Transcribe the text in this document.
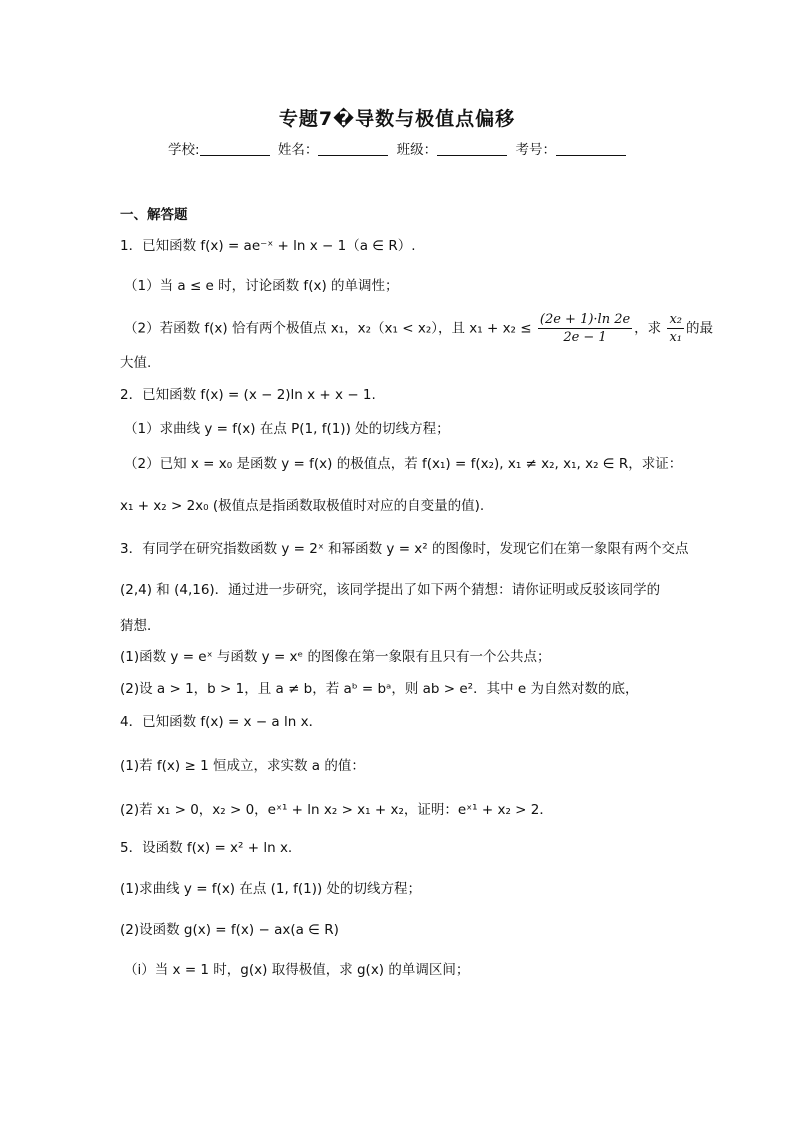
专题7�导数与极值点偏移
学校:	姓名：	班级：	考号：
一、解答题
1．已知函数 f(x) = ae⁻ˣ + ln x − 1（a ∈ R）.
（1）当 a ≤ e 时，讨论函数 f(x) 的单调性；
（2）若函数 f(x) 恰有两个极值点 x₁，x₂（x₁ < x₂），且 $x_1 + x_2 \le \frac{(2e + 1)\cdot\ln 2e}{2e - 1}$ ，求 $\frac{\text{x₂}}{\text{x₁}}$ 的最
大值.
2．已知函数 f(x) = (x − 2)ln x + x − 1.
（1）求曲线 y = f(x) 在点 P(1, f(1)) 处的切线方程；
（2）已知 x = x₀ 是函数 y = f(x) 的极值点，若 f(x₁) = f(x₂), x₁ ≠ x₂, x₁, x₂ ∈ R，求证：
x₁ + x₂ > 2x₀ (极值点是指函数取极值时对应的自变量的值).
3．有同学在研究指数函数 y = 2ˣ 和幂函数 y = x² 的图像时，发现它们在第一象限有两个交点
(2,4) 和 (4,16)．通过进一步研究，该同学提出了如下两个猜想：请你证明或反驳该同学的
猜想．
(1)函数 y = eˣ 与函数 y = xᵉ 的图像在第一象限有且只有一个公共点；
(2)设 a > 1，b > 1，且 a ≠ b，若 aᵇ = bᵃ，则 ab > e²．其中 e 为自然对数的底，
4．已知函数 f(x) = x − a ln x．
(1)若 f(x) ≥ 1 恒成立，求实数 a 的值：
(2)若 x₁ > 0，x₂ > 0，eˣ¹ + ln x₂ > x₁ + x₂，证明：eˣ¹ + x₂ > 2．
5．设函数 f(x) = x² + ln x.
(1)求曲线 y = f(x) 在点 (1, f(1)) 处的切线方程；
(2)设函数 g(x) = f(x) − ax(a ∈ R)
（i）当 x = 1 时，g(x) 取得极值，求 g(x) 的单调区间；
